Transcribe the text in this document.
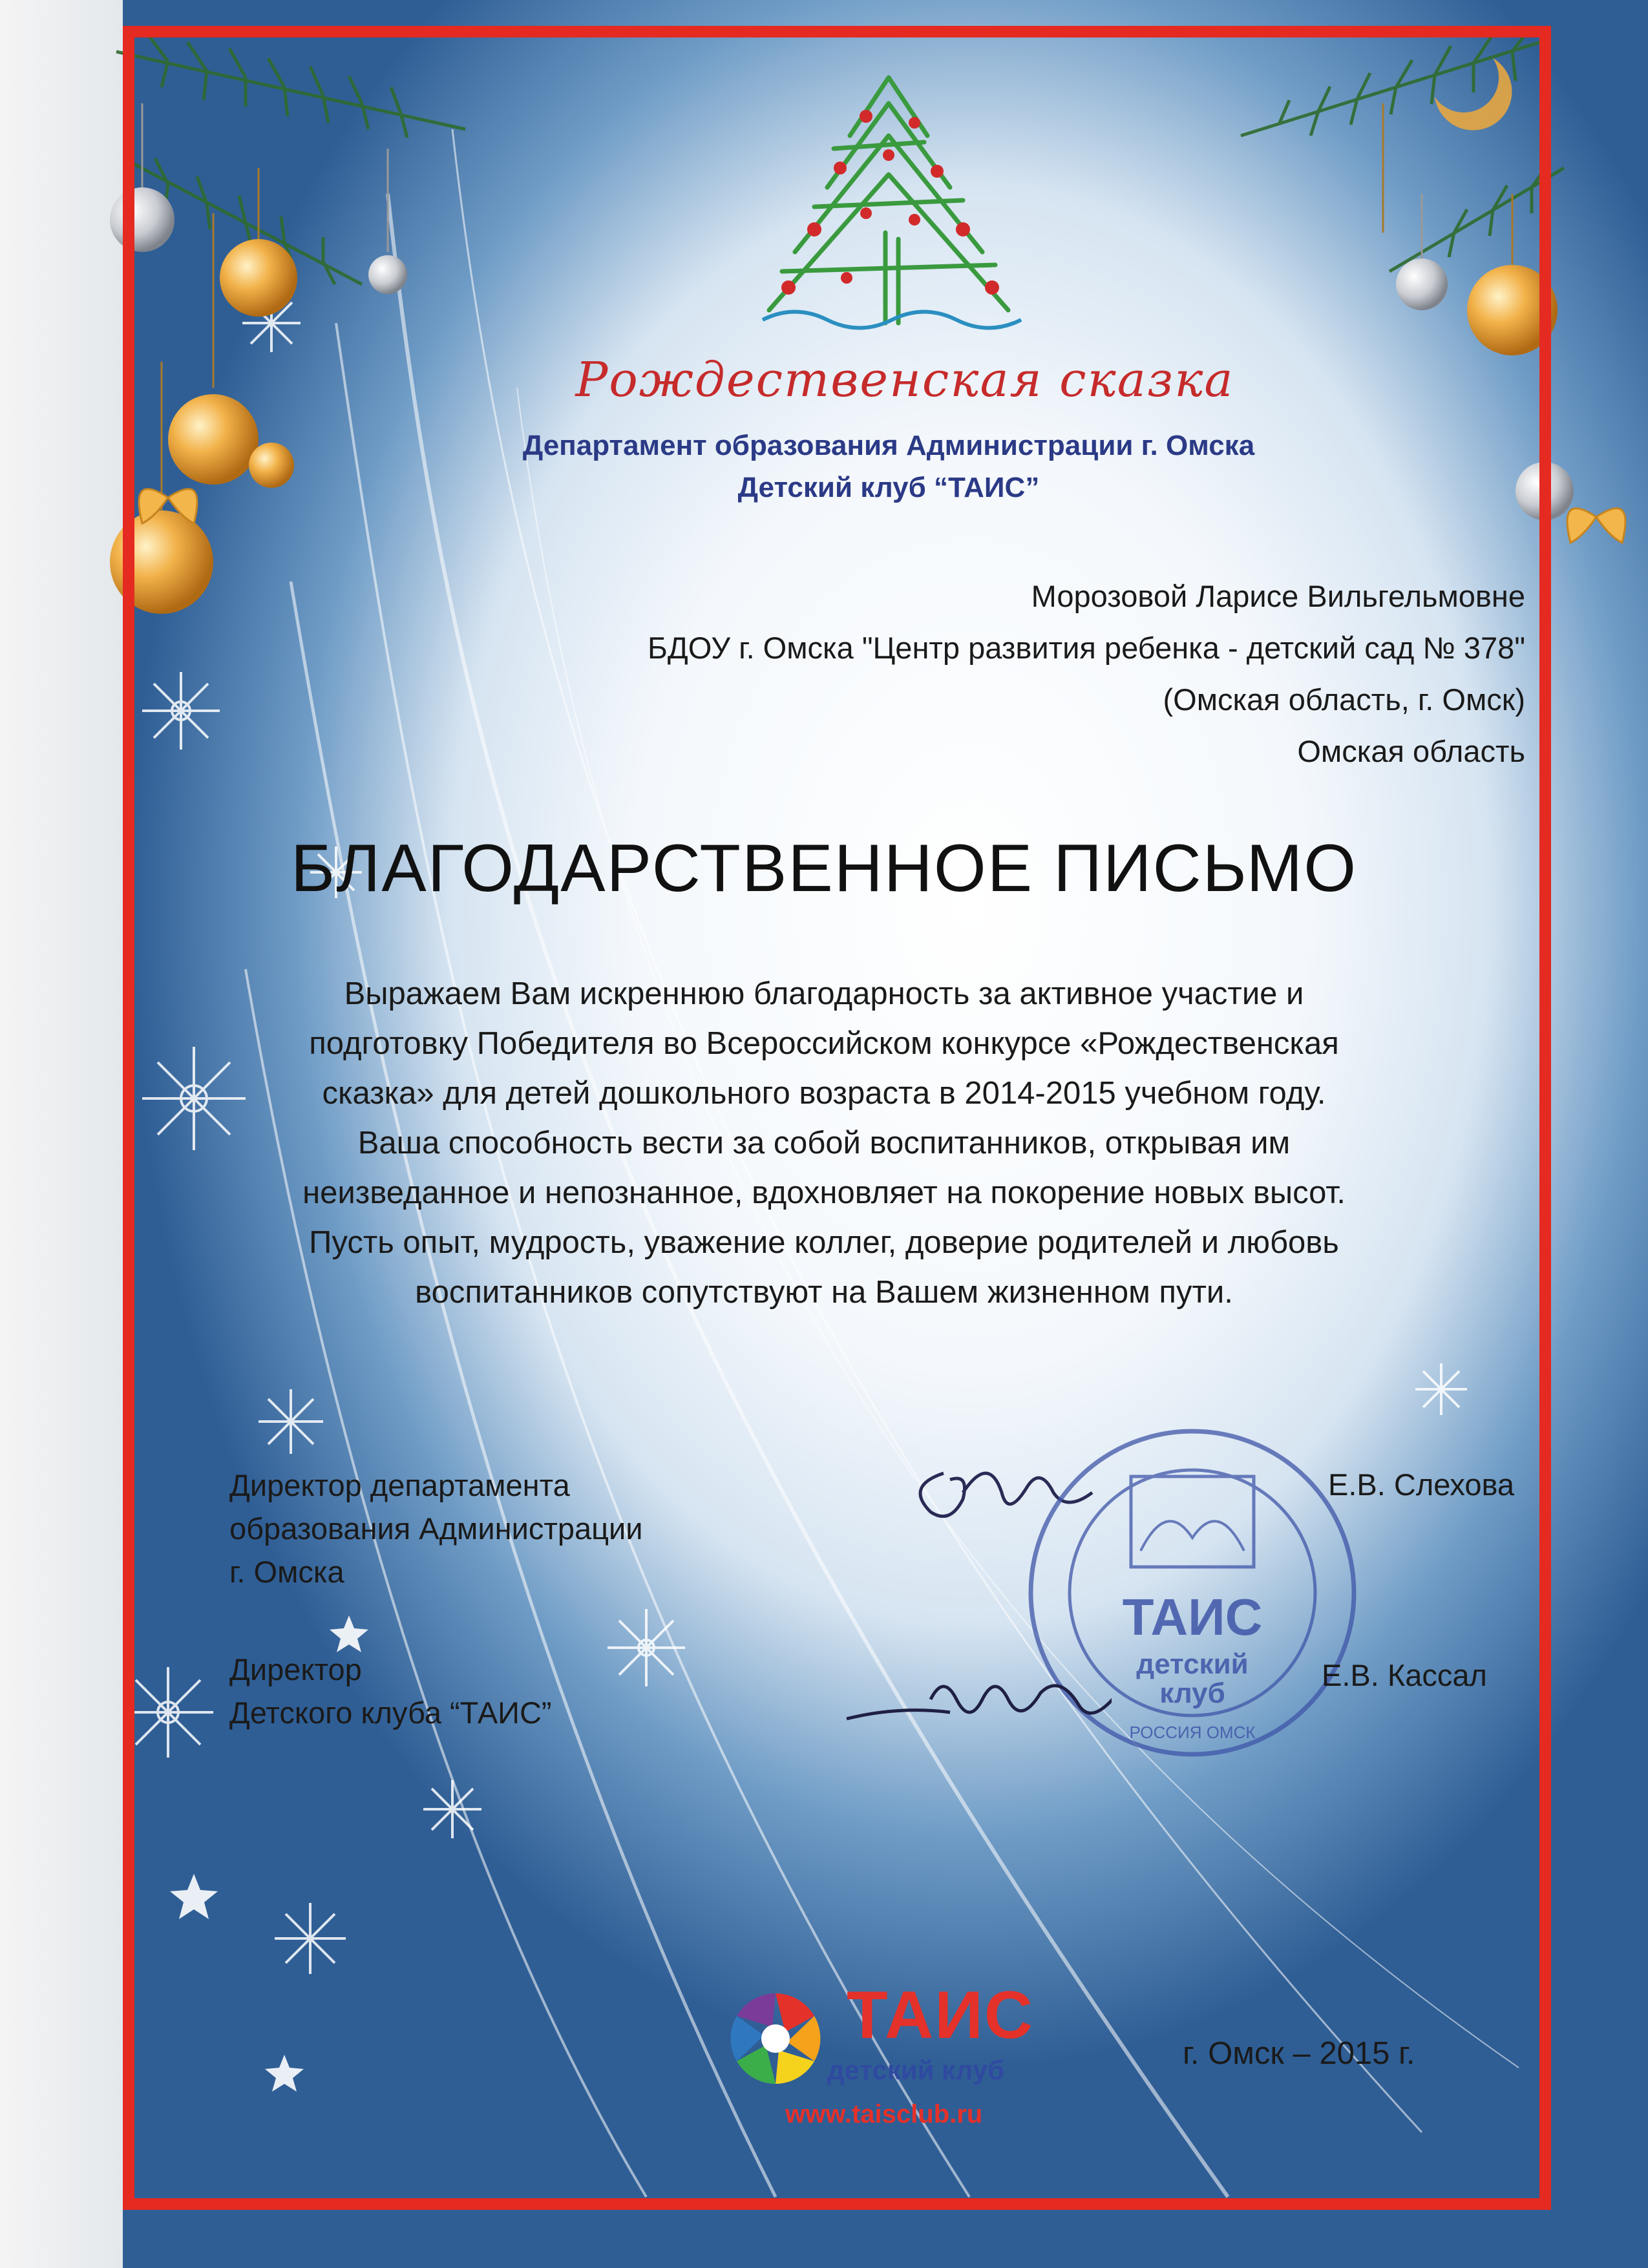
Рождественская сказка
Департамент образования Администрации г. Омска
Детский клуб “ТАИС”
Морозовой Ларисе Вильгельмовне
БДОУ г. Омска "Центр развития ребенка - детский сад № 378"
(Омская область, г. Омск)
Омская область
БЛАГОДАРСТВЕННОЕ ПИСЬМО
Выражаем Вам искреннюю благодарность за активное участие и
подготовку Победителя во Всероссийском конкурсе «Рождественская
сказка» для детей дошкольного возраста в 2014-2015 учебном году.
Ваша способность вести за собой воспитанников, открывая им
неизведанное и непознанное, вдохновляет на покорение новых высот.
Пусть опыт, мудрость, уважение коллег, доверие родителей и любовь
воспитанников сопутствуют на Вашем жизненном пути.
Директор департамента
образования Администрации
г. Омска
ТАИС
детский
клуб
РОССИЯ ОМСК
Е.В. Слехова
Директор
Детского клуба “ТАИС”
Е.В. Кассал
ТАИС
детский клуб
www.taisclub.ru
г. Омск – 2015 г.
